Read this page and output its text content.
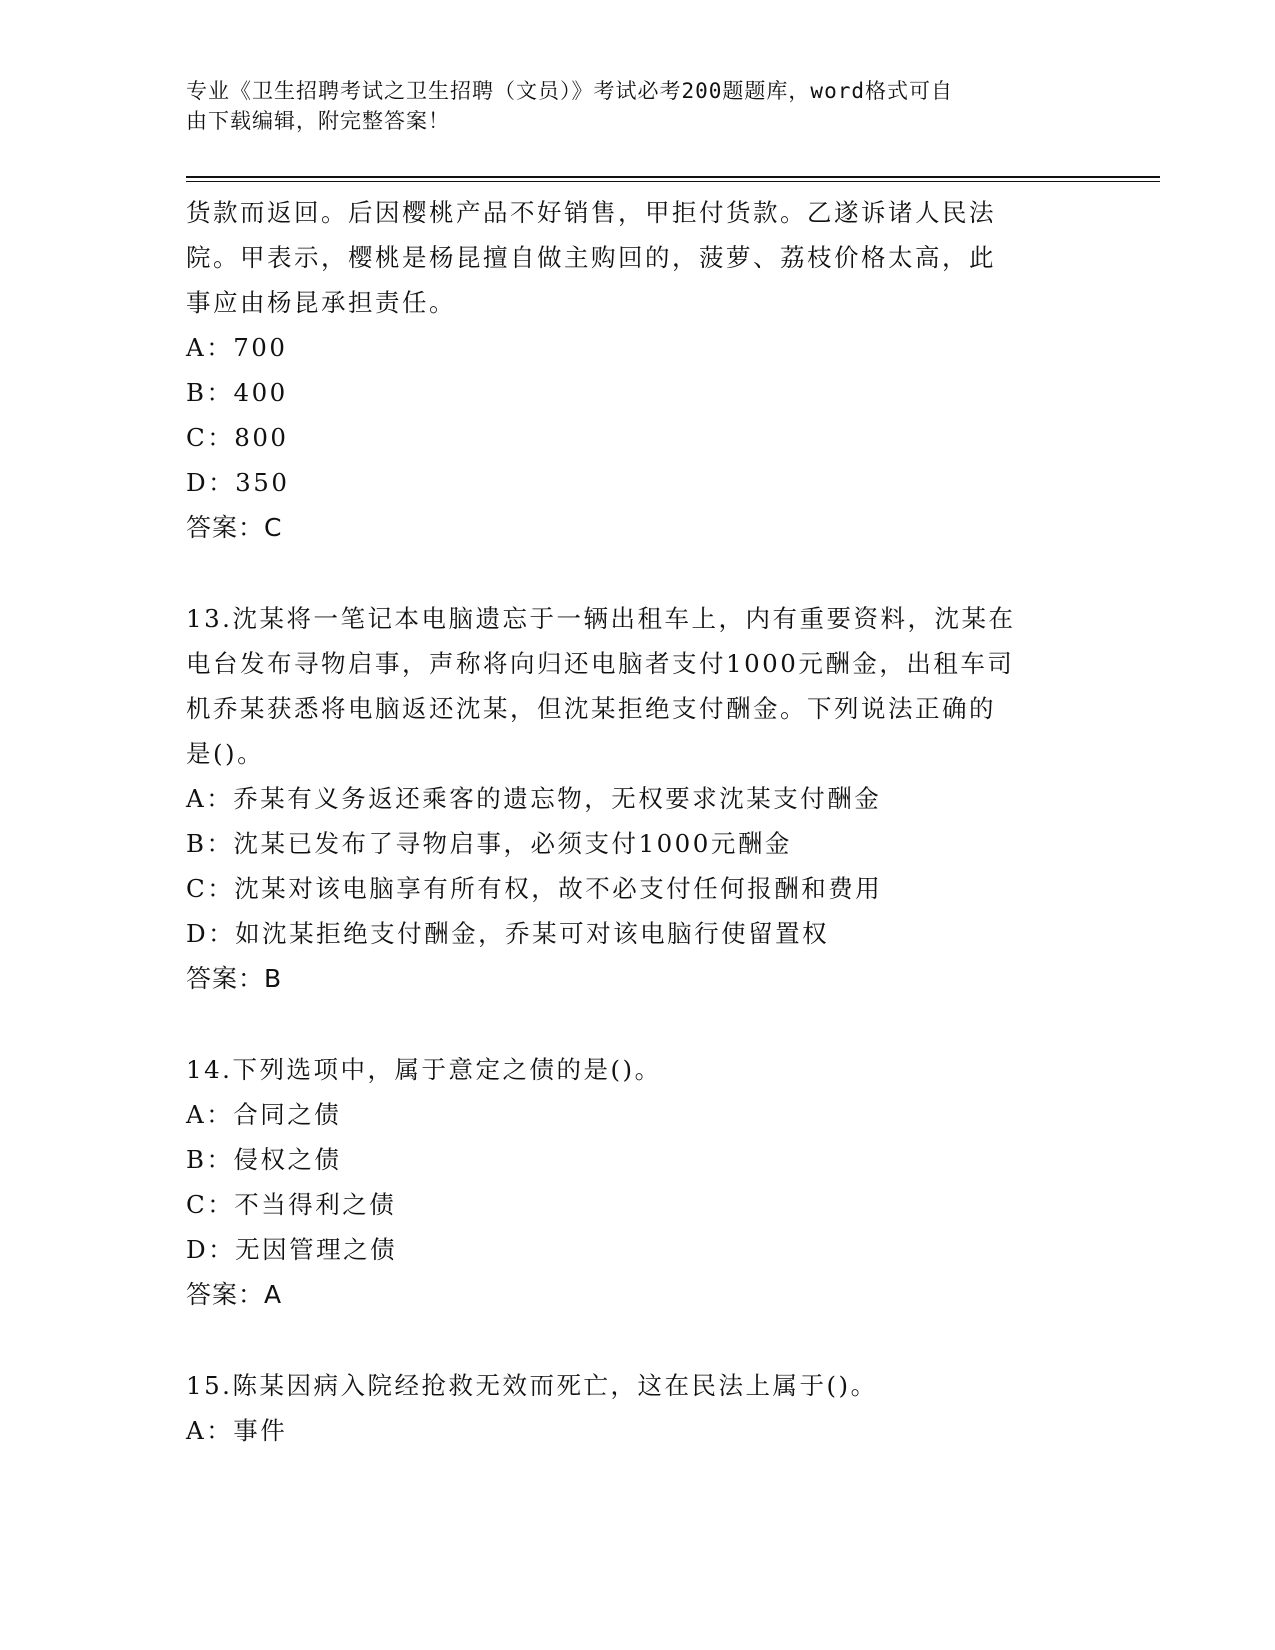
专业《卫生招聘考试之卫生招聘（文员）》考试必考200题题库，word格式可自
由下载编辑，附完整答案！
货款而返回。后因樱桃产品不好销售，甲拒付货款。乙遂诉诸人民法
院。甲表示，樱桃是杨昆擅自做主购回的，菠萝、荔枝价格太高，此
事应由杨昆承担责任。
A：700
B：400
C：800
D：350
答案：C
13.沈某将一笔记本电脑遗忘于一辆出租车上，内有重要资料，沈某在
电台发布寻物启事，声称将向归还电脑者支付1000元酬金，出租车司
机乔某获悉将电脑返还沈某，但沈某拒绝支付酬金。下列说法正确的
是()。
A：乔某有义务返还乘客的遗忘物，无权要求沈某支付酬金
B：沈某已发布了寻物启事，必须支付1000元酬金
C：沈某对该电脑享有所有权，故不必支付任何报酬和费用
D：如沈某拒绝支付酬金，乔某可对该电脑行使留置权
答案：B
14.下列选项中，属于意定之债的是()。
A：合同之债
B：侵权之债
C：不当得利之债
D：无因管理之债
答案：A
15.陈某因病入院经抢救无效而死亡，这在民法上属于()。
A：事件
